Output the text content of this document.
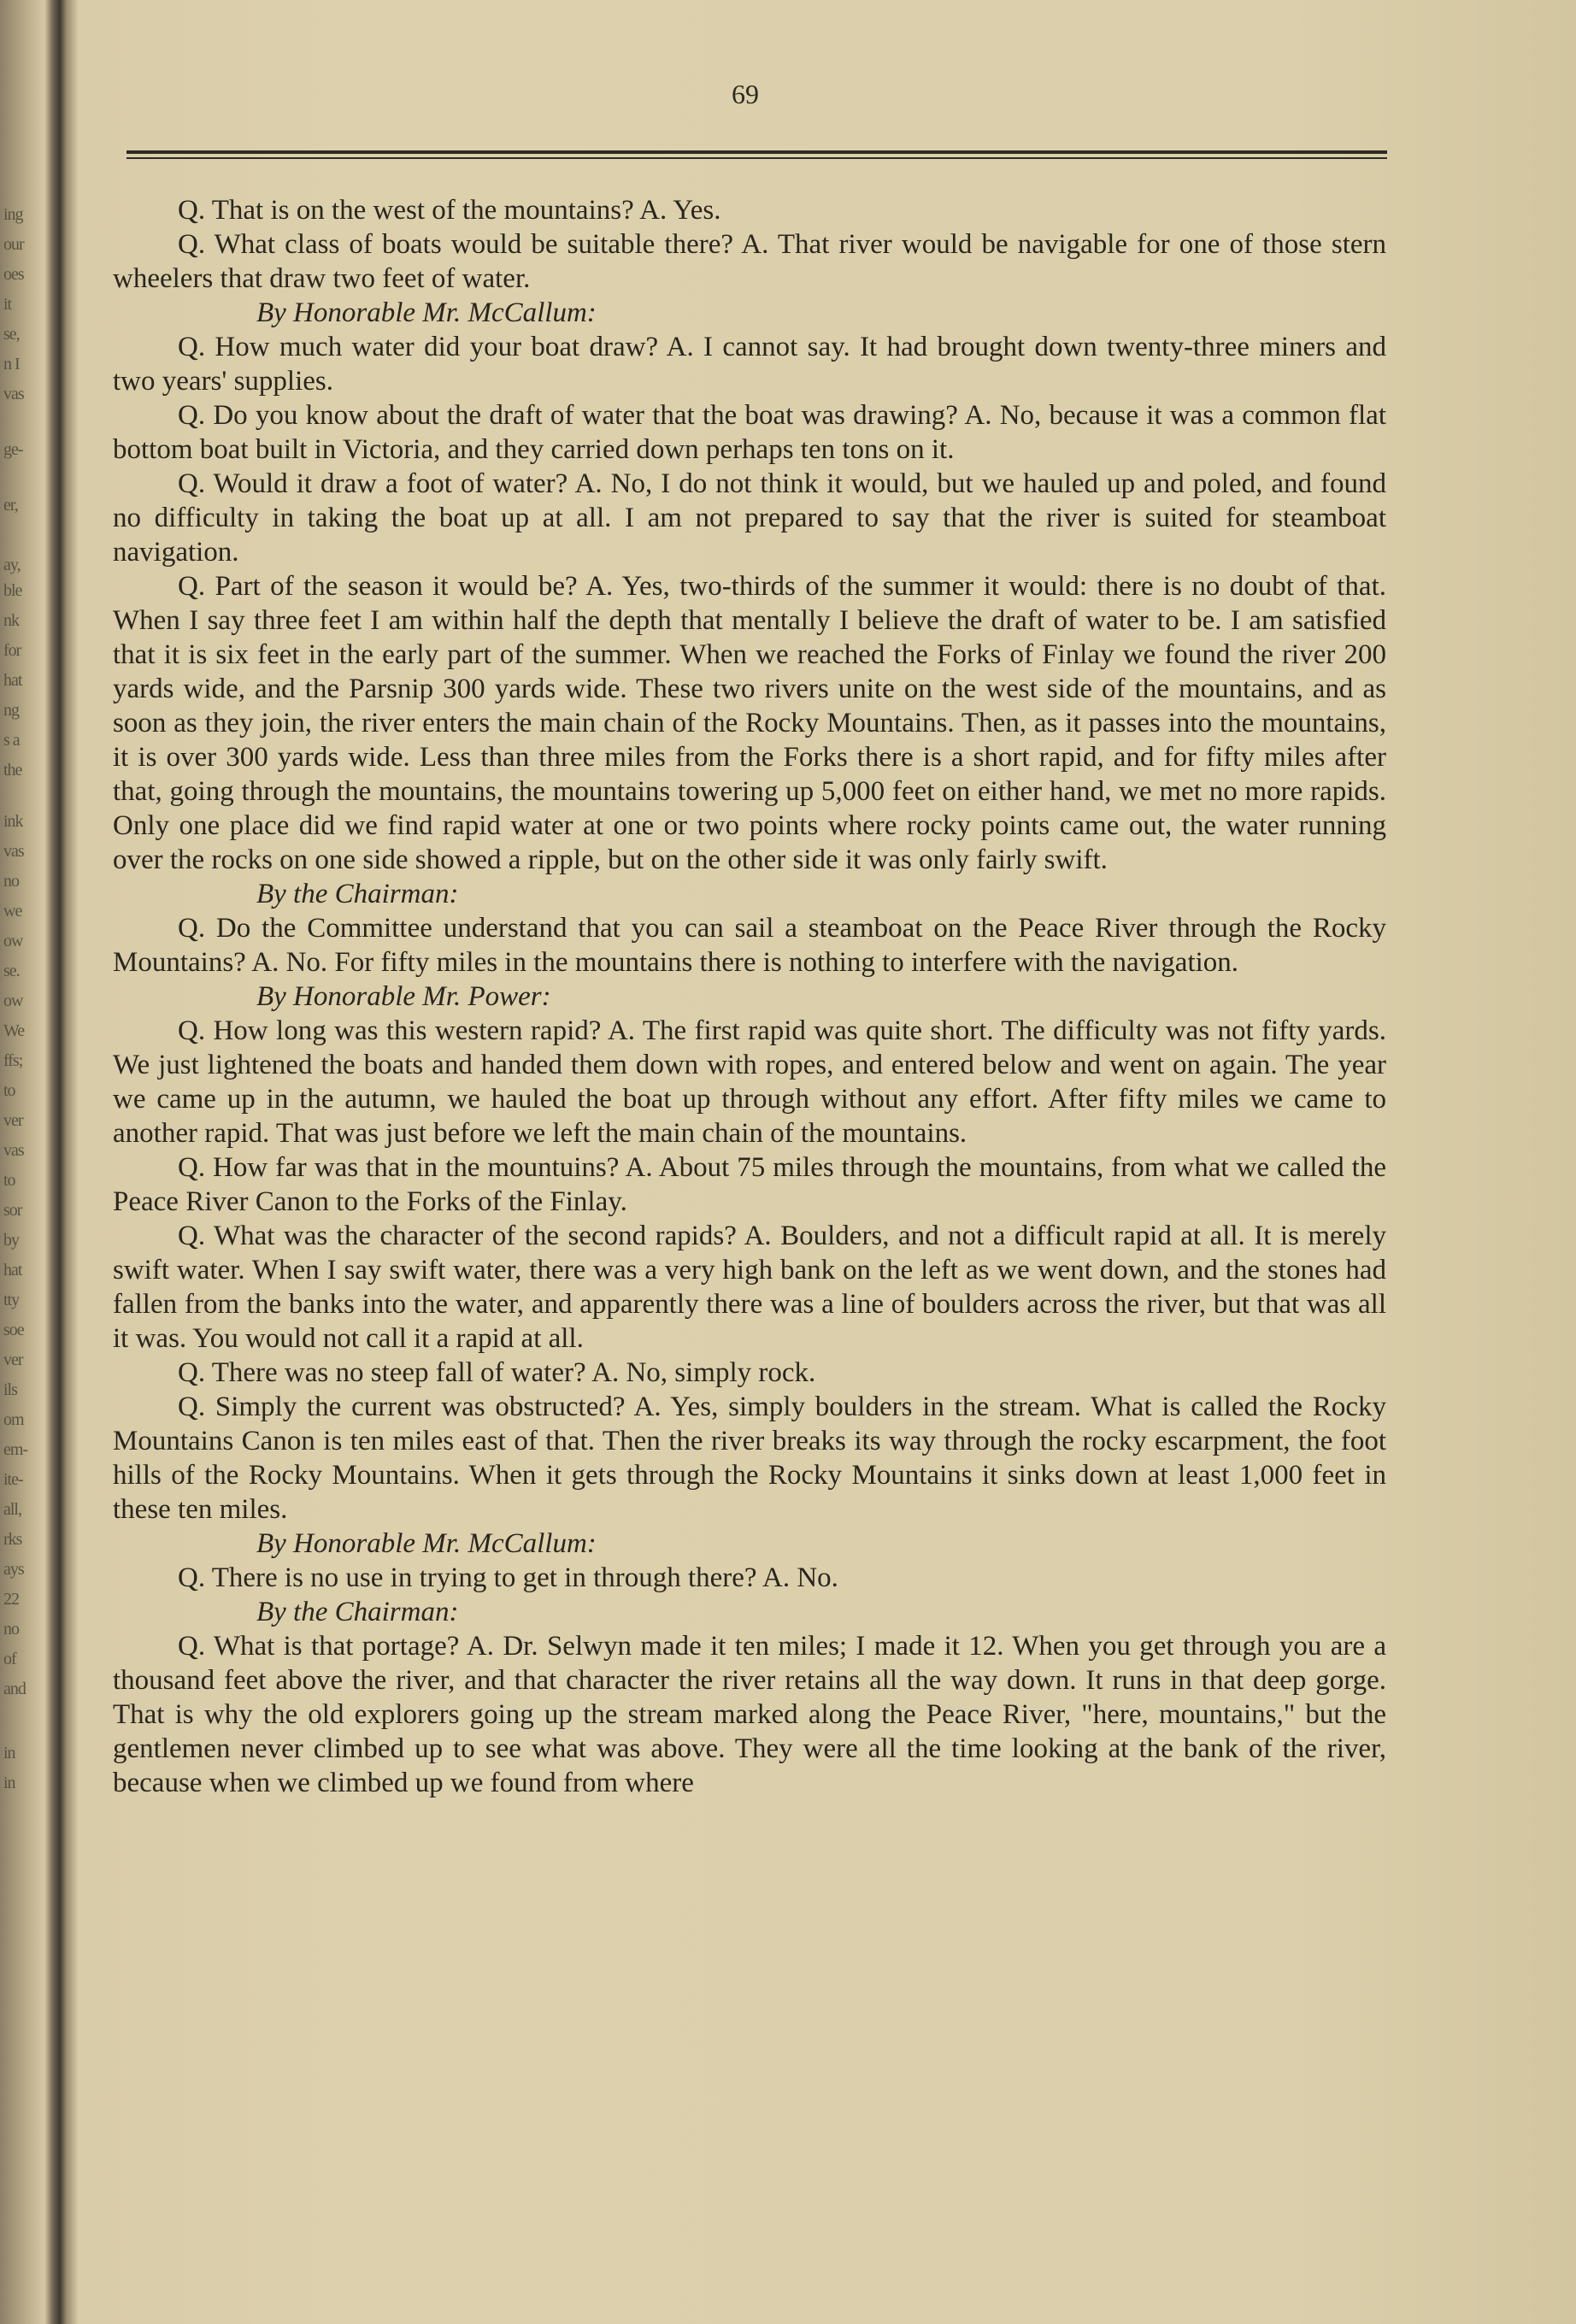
ing
our
oes
it
se,
n I
vas
ge-
er,
ay,
ble
nk
for
hat
ng
s a
the
ink
vas
no
we
ow
se.
ow
We
ffs;
to
ver
vas
to
sor
by
hat
tty
soe
ver
ils
om
em-
ite-
all,
rks
ays
22
no
of
and
in
in
69

Q. That is on the west of the mountains? A. Yes.

Q. What class of boats would be suitable there? A. That river would be navigable for one of those stern wheelers that draw two feet of water.

By Honorable Mr. McCallum:

Q. How much water did your boat draw? A. I cannot say. It had brought down twenty-three miners and two years' supplies.

Q. Do you know about the draft of water that the boat was drawing? A. No, because it was a common flat bottom boat built in Victoria, and they carried down perhaps ten tons on it.

Q. Would it draw a foot of water? A. No, I do not think it would, but we hauled up and poled, and found no difficulty in taking the boat up at all. I am not prepared to say that the river is suited for steamboat navigation.

Q. Part of the season it would be? A. Yes, two-thirds of the summer it would: there is no doubt of that. When I say three feet I am within half the depth that mentally I believe the draft of water to be. I am satisfied that it is six feet in the early part of the summer. When we reached the Forks of Finlay we found the river 200 yards wide, and the Parsnip 300 yards wide. These two rivers unite on the west side of the mountains, and as soon as they join, the river enters the main chain of the Rocky Mountains. Then, as it passes into the mountains, it is over 300 yards wide. Less than three miles from the Forks there is a short rapid, and for fifty miles after that, going through the mountains, the mountains towering up 5,000 feet on either hand, we met no more rapids. Only one place did we find rapid water at one or two points where rocky points came out, the water running over the rocks on one side showed a ripple, but on the other side it was only fairly swift.

By the Chairman:

Q. Do the Committee understand that you can sail a steamboat on the Peace River through the Rocky Mountains? A. No. For fifty miles in the mountains there is nothing to interfere with the navigation.

By Honorable Mr. Power:

Q. How long was this western rapid? A. The first rapid was quite short. The difficulty was not fifty yards. We just lightened the boats and handed them down with ropes, and entered below and went on again. The year we came up in the autumn, we hauled the boat up through without any effort. After fifty miles we came to another rapid. That was just before we left the main chain of the mountains.

Q. How far was that in the mountuins? A. About 75 miles through the mountains, from what we called the Peace River Canon to the Forks of the Finlay.

Q. What was the character of the second rapids? A. Boulders, and not a difficult rapid at all. It is merely swift water. When I say swift water, there was a very high bank on the left as we went down, and the stones had fallen from the banks into the water, and apparently there was a line of boulders across the river, but that was all it was. You would not call it a rapid at all.

Q. There was no steep fall of water? A. No, simply rock.

Q. Simply the current was obstructed? A. Yes, simply boulders in the stream. What is called the Rocky Mountains Canon is ten miles east of that. Then the river breaks its way through the rocky escarpment, the foot hills of the Rocky Mountains. When it gets through the Rocky Mountains it sinks down at least 1,000 feet in these ten miles.

By Honorable Mr. McCallum:

Q. There is no use in trying to get in through there? A. No.

By the Chairman:

Q. What is that portage? A. Dr. Selwyn made it ten miles; I made it 12. When you get through you are a thousand feet above the river, and that character the river retains all the way down. It runs in that deep gorge. That is why the old explorers going up the stream marked along the Peace River, "here, mountains," but the gentlemen never climbed up to see what was above. They were all the time looking at the bank of the river, because when we climbed up we found from where
